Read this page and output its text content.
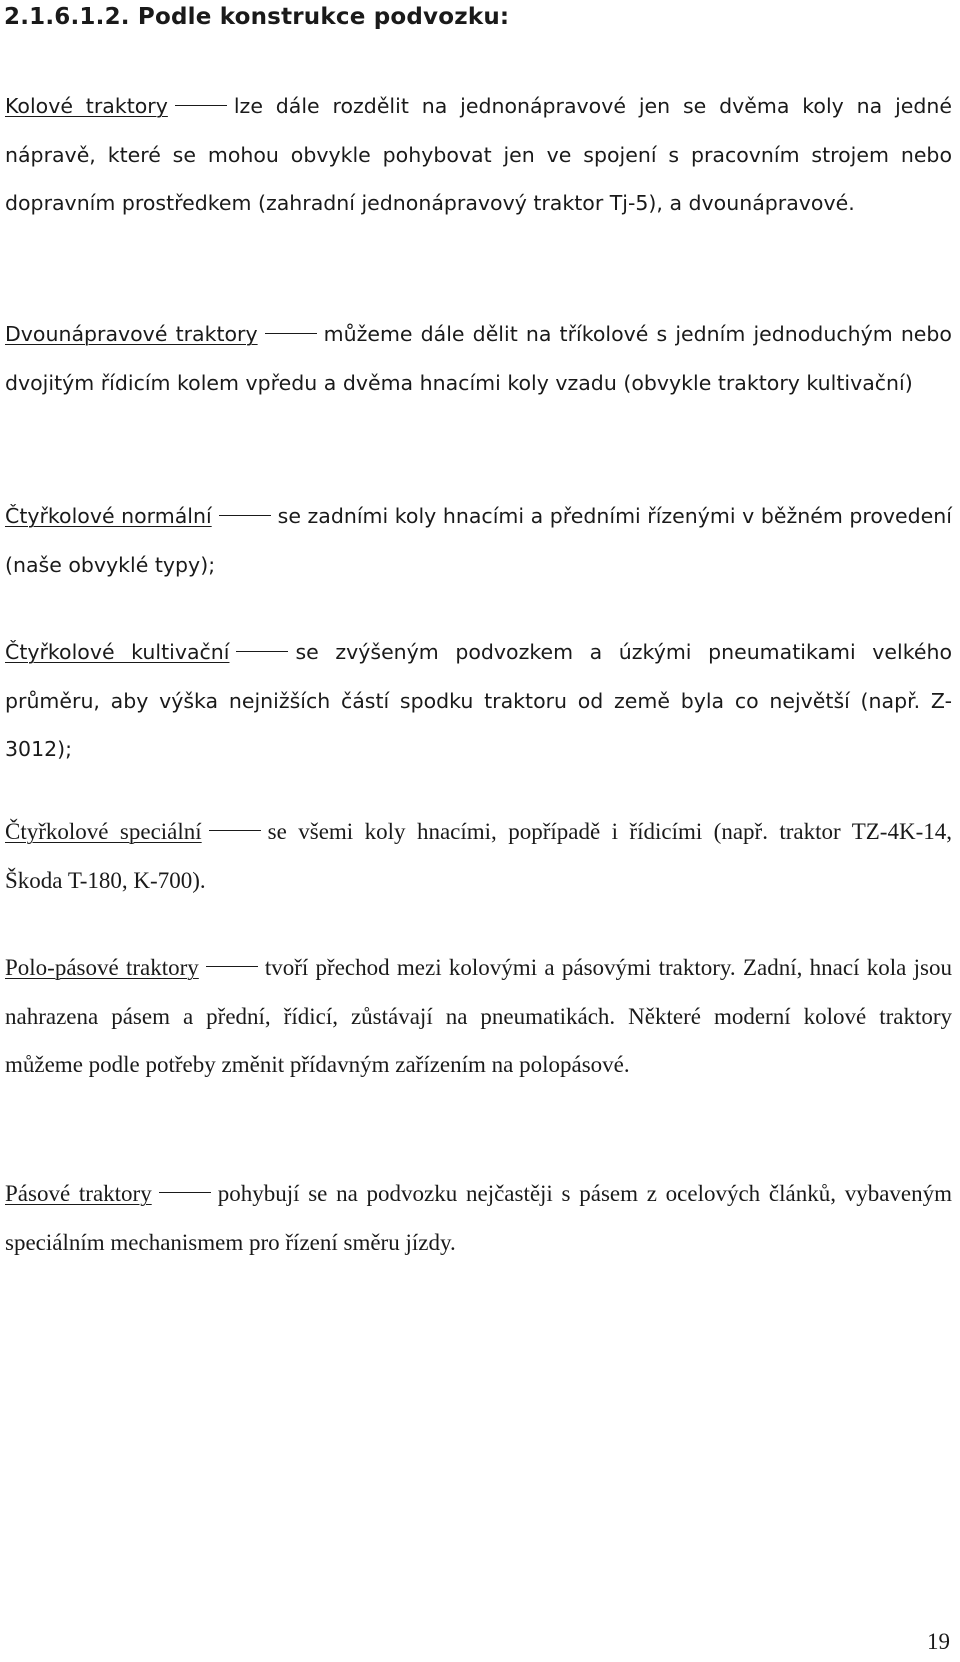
2.1.6.1.2. Podle konstrukce podvozku:

Kolové traktory	lze dále rozdělit na jednonápravové jen se dvěma koly na jedné nápravě, které se mohou obvykle pohybovat jen ve spojení s pracovním strojem nebo dopravním prostředkem (zahradní jednonápravový traktor Tj-5), a dvounápravové.

Dvounápravové traktory	můžeme dále dělit na tříkolové s jedním jednoduchým nebo dvojitým řídicím kolem vpředu a dvěma hnacími koly vzadu (obvykle traktory kultivační)

Čtyřkolové normální	se zadními koly hnacími a předními řízenými v běžném provedení (naše obvyklé typy);

Čtyřkolové kultivační	se zvýšeným podvozkem a úzkými pneumatikami velkého průměru, aby výška nejnižších částí spodku traktoru od země byla co největší (např. Z-3012);

Čtyřkolové speciální	se všemi koly hnacími, popřípadě i řídicími (např. traktor TZ-4K-14, Škoda T-180, K-700).

Polo-pásové traktory	tvoří přechod mezi kolovými a pásovými traktory. Zadní, hnací kola jsou nahrazena pásem a přední, řídicí, zůstávají na pneumatikách. Některé moderní kolové traktory můžeme podle potřeby změnit přídavným zařízením na polopásové.

Pásové traktory	pohybují se na podvozku nejčastěji s pásem z ocelových článků, vybaveným speciálním mechanismem pro řízení směru jízdy.

19
